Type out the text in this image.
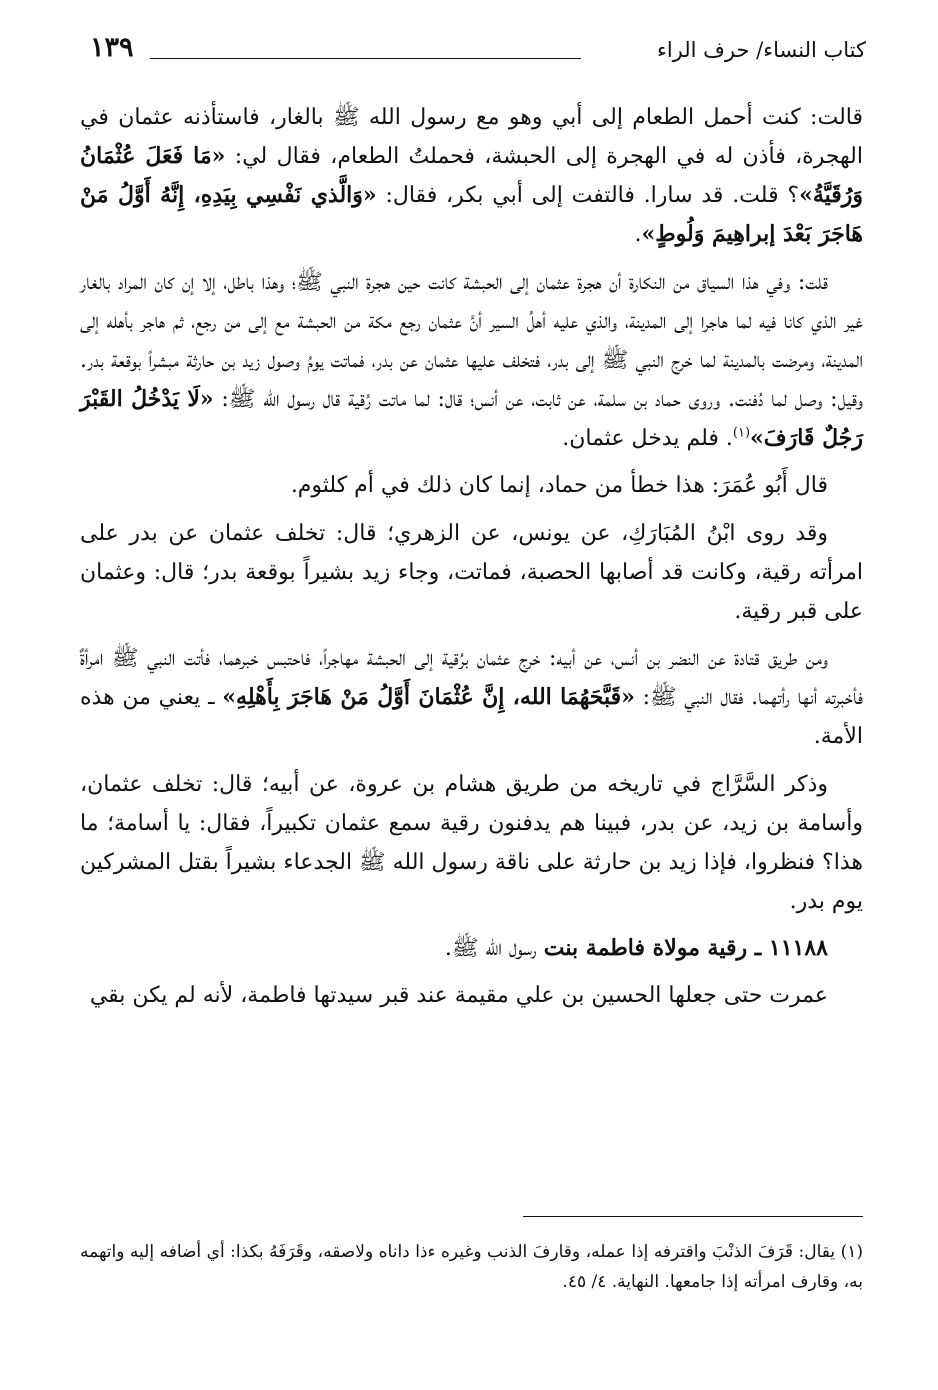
١٣٩	كتاب النساء/ حرف الراء

قالت: كنت أحمل الطعام إلى أبي وهو مع رسول الله ﷺ بالغار، فاستأذنه عثمان في الهجرة، فأذن له في الهجرة إلى الحبشة، فحملتُ الطعام، فقال لي: «مَا فَعَلَ عُثْمَانُ وَرُقَيَّةُ»؟ قلت. قد سارا. فالتفت إلى أبي بكر، فقال: «وَالَّذي نَفْسِي بِيَدِهِ، إِنَّهُ أَوَّلُ مَنْ هَاجَرَ بَعْدَ إبراهِيمَ وَلُوطٍ».

قلت: وفي هذا السياق من النكارة أن هجرة عثمان إلى الحبشة كانت حين هجرة النبي ﷺ؛ وهذا باطل، إلا إن كان المراد بالغار غير الذي كانا فيه لما هاجرا إلى المدينة، والذي عليه أهلُ السير أنَّ عثمان رجع مكة من الحبشة مع إلى من رجع، ثم هاجر بأهله إلى المدينة، ومرضت بالمدينة لما خرج النبي ﷺ إلى بدر، فتخلف عليها عثمان عن بدر، فماتت يومُ وصول زيد بن حارثة مبشراً بوقعة بدر. وقيل: وصل لما دُفنت. وروى حماد بن سلمة، عن ثابت، عن أنس؛ قال: لما ماتت رُقية قال رسول الله ﷺ: «لَا يَدْخُلُ القَبْرَ رَجُلٌ قَارَفَ»$^{(١)}$. فلم يدخل عثمان.

قال أَبُو عُمَرَ: هذا خطأ من حماد، إنما كان ذلك في أم كلثوم.

وقد روى ابْنُ المُبَارَكِ، عن يونس، عن الزهري؛ قال: تخلف عثمان عن بدر على امرأته رقية، وكانت قد أصابها الحصبة، فماتت، وجاء زيد بشيراً بوقعة بدر؛ قال: وعثمان على قبر رقية.

ومن طريق قتادة عن النضر بن أنس، عن أبيه: خرج عثمان برُقية إلى الحبشة مهاجراً، فاحتبس خبرهما، فأتت النبي ﷺ امرأةٌ فأخبرته أنها رأتهما. فقال النبي ﷺ: «قَبَّحَهُمَا الله، إِنَّ عُثْمَانَ أَوَّلُ مَنْ هَاجَرَ بِأَهْلِهِ» ـ يعني من هذه الأمة.

وذكر السَّرَّاج في تاريخه من طريق هشام بن عروة، عن أبيه؛ قال: تخلف عثمان، وأسامة بن زيد، عن بدر، فبينا هم يدفنون رقية سمع عثمان تكبيراً، فقال: يا أسامة؛ ما هذا؟ فنظروا، فإذا زيد بن حارثة على ناقة رسول الله ﷺ الجدعاء بشيراً بقتل المشركين يوم بدر.

١١١٨٨ ـ رقية مولاة فاطمة بنت رسول الله ﷺ.

عمرت حتى جعلها الحسين بن علي مقيمة عند قبر سيدتها فاطمة، لأنه لم يكن بقي

(١) يقال: قَرَفَ الذنْبَ واقترفه إذا عمله، وقارفَ الذنب وغيره ءذا داناه ولاصقه، وقَرَفَهُ بكذا: أي أضافه إليه واتهمه به، وقارف امرأته إذا جامعها. النهاية. ٤/ ٤٥.
